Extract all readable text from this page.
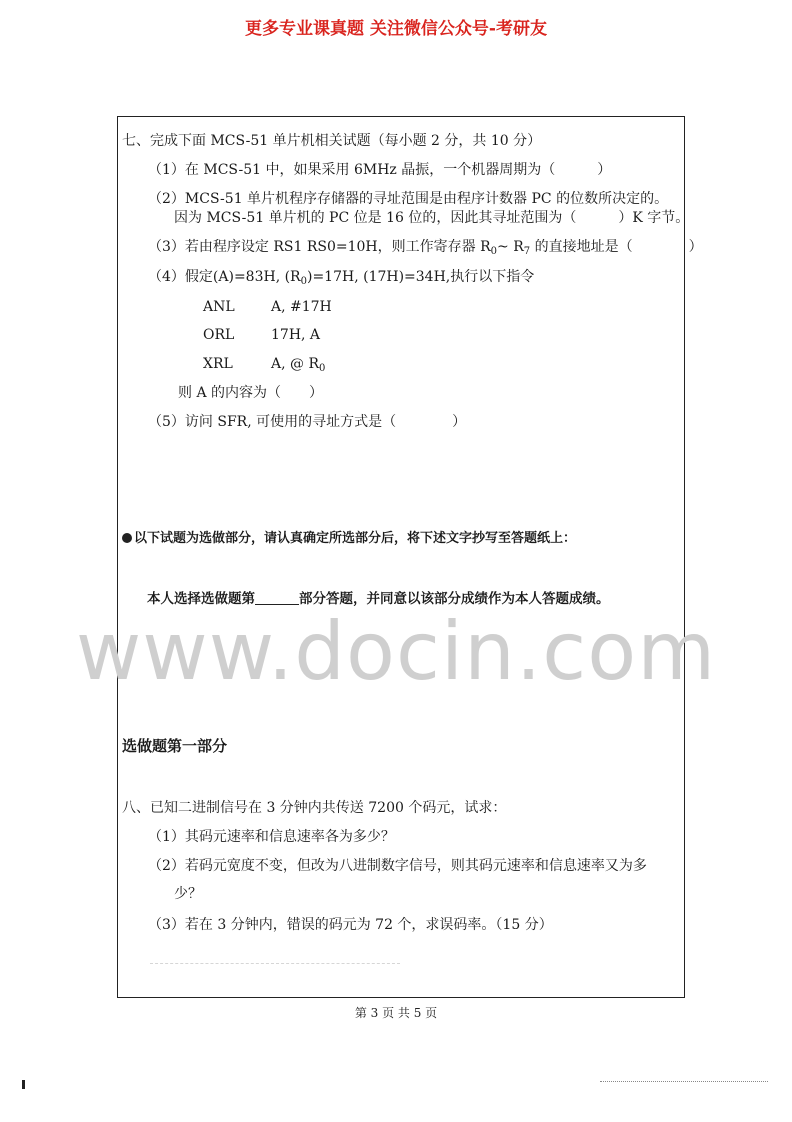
更多专业课真题 关注微信公众号-考研友
七、完成下面 MCS-51 单片机相关试题（每小题 2 分，共 10 分）
（1）在 MCS-51 中，如果采用 6MHz 晶振，一个机器周期为（　　　）
（2）MCS-51 单片机程序存储器的寻址范围是由程序计数器 PC 的位数所决定的。
因为 MCS-51 单片机的 PC 位是 16 位的，因此其寻址范围为（　　　）K 字节。
（3）若由程序设定 RS1 RS0=10H，则工作寄存器 $R_0\sim$ $R_7$ 的直接地址是（　　　　）
（4）假定(A)=83H, $(R_0)=17H$, (17H)=34H,执行以下指令
ANL	A, #17H
ORL	17H, A
XRL	A, @ $R_0$
则 A 的内容为（　　）
（5）访问 SFR, 可使用的寻址方式是（　　　　）
以下试题为选做部分，请认真确定所选部分后，将下述文字抄写至答题纸上：
本人选择选做题第	部分答题，并同意以该部分成绩作为本人答题成绩。
www.docin.com
选做题第一部分
八、已知二进制信号在 3 分钟内共传送 7200 个码元，试求：
（1）其码元速率和信息速率各为多少？
（2）若码元宽度不变，但改为八进制数字信号，则其码元速率和信息速率又为多
少？
（3）若在 3 分钟内，错误的码元为 72 个，求误码率。（15 分）
第 3 页 共 5 页
